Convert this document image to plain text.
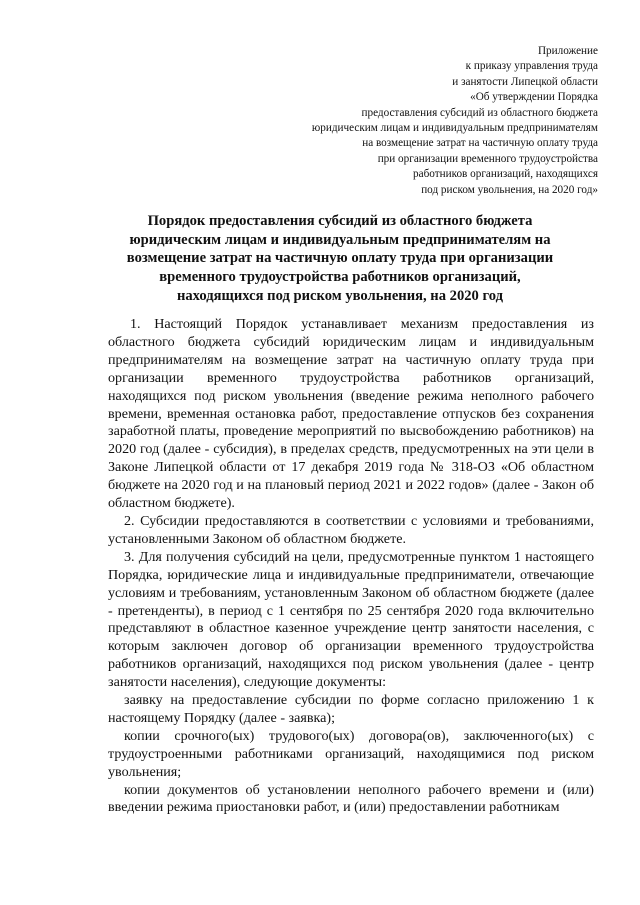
Приложение
к приказу управления труда
и занятости Липецкой области
«Об утверждении Порядка
предоставления субсидий из областного бюджета
юридическим лицам и индивидуальным предпринимателям
на возмещение затрат на частичную оплату труда
при организации временного трудоустройства
работников организаций, находящихся
под риском увольнения, на 2020 год»
Порядок предоставления субсидий из областного бюджета
юридическим лицам и индивидуальным предпринимателям на
возмещение затрат на частичную оплату труда при организации
временного трудоустройства работников организаций,
находящихся под риском увольнения, на 2020 год

1. Настоящий Порядок устанавливает механизм предоставления из областного бюджета субсидий юридическим лицам и индивидуальным предпринимателям на возмещение затрат на частичную оплату труда при организации временного трудоустройства работников организаций, находящихся под риском увольнения (введение режима неполного рабочего времени, временная остановка работ, предоставление отпусков без сохранения заработной платы, проведение мероприятий по высвобождению работников) на 2020 год (далее - субсидия), в пределах средств, предусмотренных на эти цели в Законе Липецкой области от 17 декабря 2019 года № 318-ОЗ «Об областном бюджете на 2020 год и на плановый период 2021 и 2022 годов» (далее - Закон об областном бюджете).

2. Субсидии предоставляются в соответствии с условиями и требованиями, установленными Законом об областном бюджете.

3. Для получения субсидий на цели, предусмотренные пунктом 1 настоящего Порядка, юридические лица и индивидуальные предприниматели, отвечающие условиям и требованиям, установленным Законом об областном бюджете (далее - претенденты), в период с 1 сентября по 25 сентября 2020 года включительно представляют в областное казенное учреждение центр занятости населения, с которым заключен договор об организации временного трудоустройства работников организаций, находящихся под риском увольнения (далее - центр занятости населения), следующие документы:

заявку на предоставление субсидии по форме согласно приложению 1 к настоящему Порядку (далее - заявка);

копии срочного(ых) трудового(ых) договора(ов), заключенного(ых) с трудоустроенными работниками организаций, находящимися под риском увольнения;

копии документов об установлении неполного рабочего времени и (или) введении режима приостановки работ, и (или) предоставлении работникам
